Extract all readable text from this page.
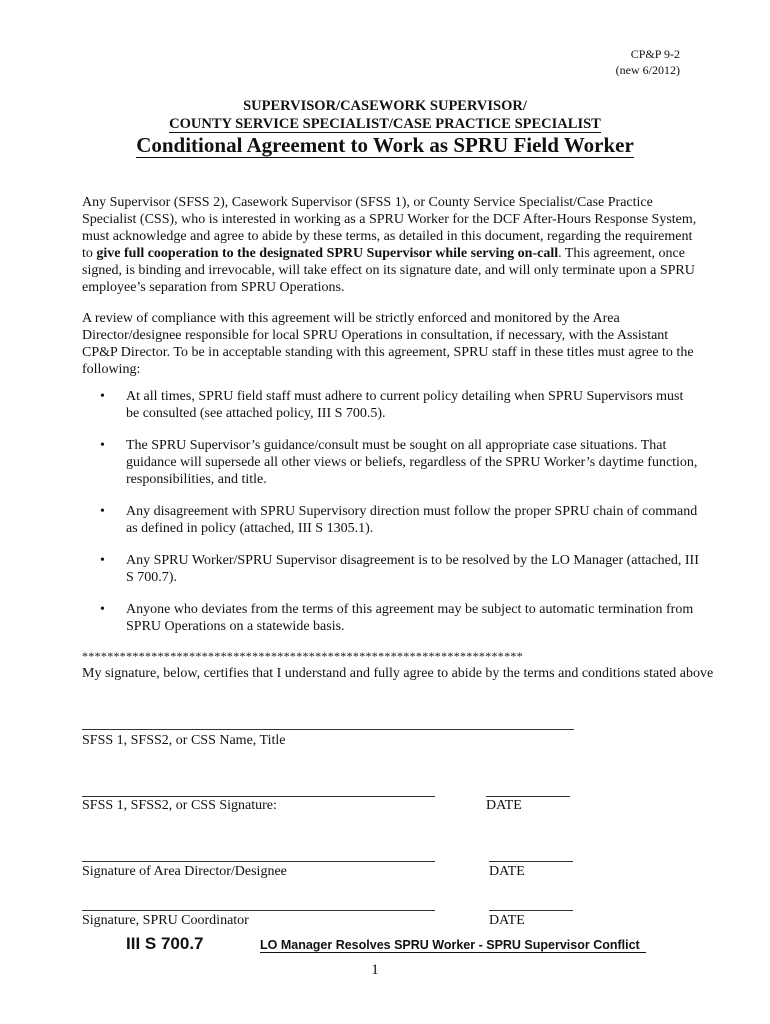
CP&P 9-2
(new 6/2012)
SUPERVISOR/CASEWORK SUPERVISOR/
COUNTY SERVICE SPECIALIST/CASE PRACTICE SPECIALIST
Conditional Agreement to Work as SPRU Field Worker
Any Supervisor (SFSS 2), Casework Supervisor (SFSS 1), or County Service Specialist/Case Practice Specialist (CSS), who is interested in working as a SPRU Worker for the DCF After-Hours Response System, must acknowledge and agree to abide by these terms, as detailed in this document, regarding the requirement to give full cooperation to the designated SPRU Supervisor while serving on-call. This agreement, once signed, is binding and irrevocable, will take effect on its signature date, and will only terminate upon a SPRU employee’s separation from SPRU Operations.
A review of compliance with this agreement will be strictly enforced and monitored by the Area Director/designee responsible for local SPRU Operations in consultation, if necessary, with the Assistant CP&P Director. To be in acceptable standing with this agreement, SPRU staff in these titles must agree to the following:
• At all times, SPRU field staff must adhere to current policy detailing when SPRU Supervisors must be consulted (see attached policy, III S 700.5).
• The SPRU Supervisor’s guidance/consult must be sought on all appropriate case situations. That guidance will supersede all other views or beliefs, regardless of the SPRU Worker’s daytime function, responsibilities, and title.
• Any disagreement with SPRU Supervisory direction must follow the proper SPRU chain of command as defined in policy (attached, III S 1305.1).
• Any SPRU Worker/SPRU Supervisor disagreement is to be resolved by the LO Manager (attached, III S 700.7).
• Anyone who deviates from the terms of this agreement may be subject to automatic termination from SPRU Operations on a statewide basis.
**********************************************************************
My signature, below, certifies that I understand and fully agree to abide by the terms and conditions stated above
SFSS 1, SFSS2, or CSS Name, Title
SFSS 1, SFSS2, or CSS Signature:	DATE
Signature of Area Director/Designee	DATE
Signature, SPRU Coordinator	DATE
III S 700.7	LO Manager Resolves SPRU Worker - SPRU Supervisor Conflict
1
